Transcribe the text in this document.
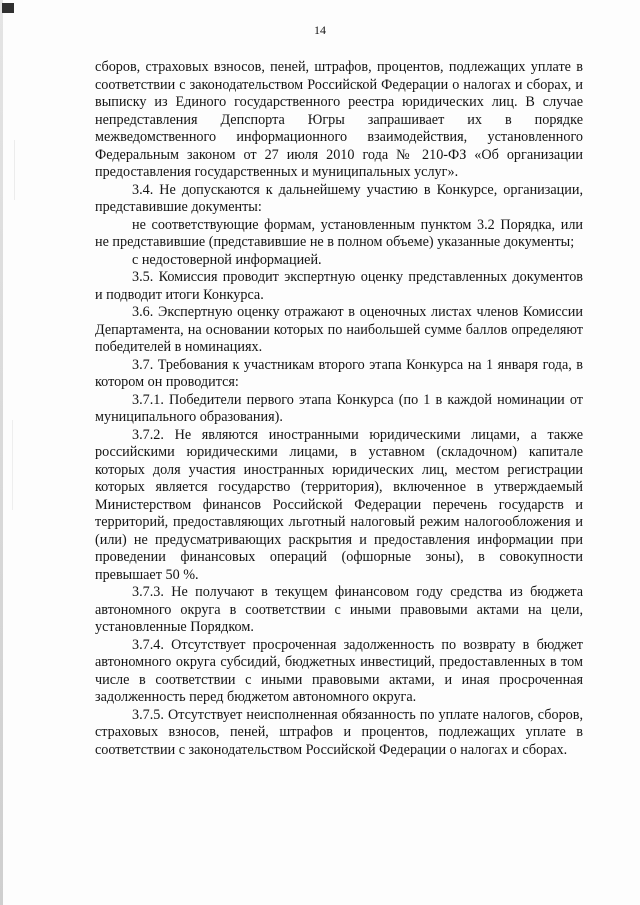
14

сборов, страховых взносов, пеней, штрафов, процентов, подлежащих уплате в соответствии с законодательством Российской Федерации о налогах и сборах, и выписку из Единого государственного реестра юридических лиц. В случае непредставления Депспорта Югры запрашивает их в порядке межведомственного информационного взаимодействия, установленного Федеральным законом от 27 июля 2010 года № 210-ФЗ «Об организации предоставления государственных и муниципальных услуг».

3.4. Не допускаются к дальнейшему участию в Конкурсе, организации, представившие документы:

не соответствующие формам, установленным пунктом 3.2 Порядка, или не представившие (представившие не в полном объеме) указанные документы;

с недостоверной информацией.

3.5. Комиссия проводит экспертную оценку представленных документов и подводит итоги Конкурса.

3.6. Экспертную оценку отражают в оценочных листах членов Комиссии Департамента, на основании которых по наибольшей сумме баллов определяют победителей в номинациях.

3.7. Требования к участникам второго этапа Конкурса на 1 января года, в котором он проводится:

3.7.1. Победители первого этапа Конкурса (по 1 в каждой номинации от муниципального образования).

3.7.2. Не являются иностранными юридическими лицами, а также российскими юридическими лицами, в уставном (складочном) капитале которых доля участия иностранных юридических лиц, местом регистрации которых является государство (территория), включенное в утверждаемый Министерством финансов Российской Федерации перечень государств и территорий, предоставляющих льготный налоговый режим налогообложения и (или) не предусматривающих раскрытия и предоставления информации при проведении финансовых операций (офшорные зоны), в совокупности превышает 50 %.

3.7.3. Не получают в текущем финансовом году средства из бюджета автономного округа в соответствии с иными правовыми актами на цели, установленные Порядком.

3.7.4. Отсутствует просроченная задолженность по возврату в бюджет автономного округа субсидий, бюджетных инвестиций, предоставленных в том числе в соответствии с иными правовыми актами, и иная просроченная задолженность перед бюджетом автономного округа.

3.7.5. Отсутствует неисполненная обязанность по уплате налогов, сборов, страховых взносов, пеней, штрафов и процентов, подлежащих уплате в соответствии с законодательством Российской Федерации о налогах и сборах.
